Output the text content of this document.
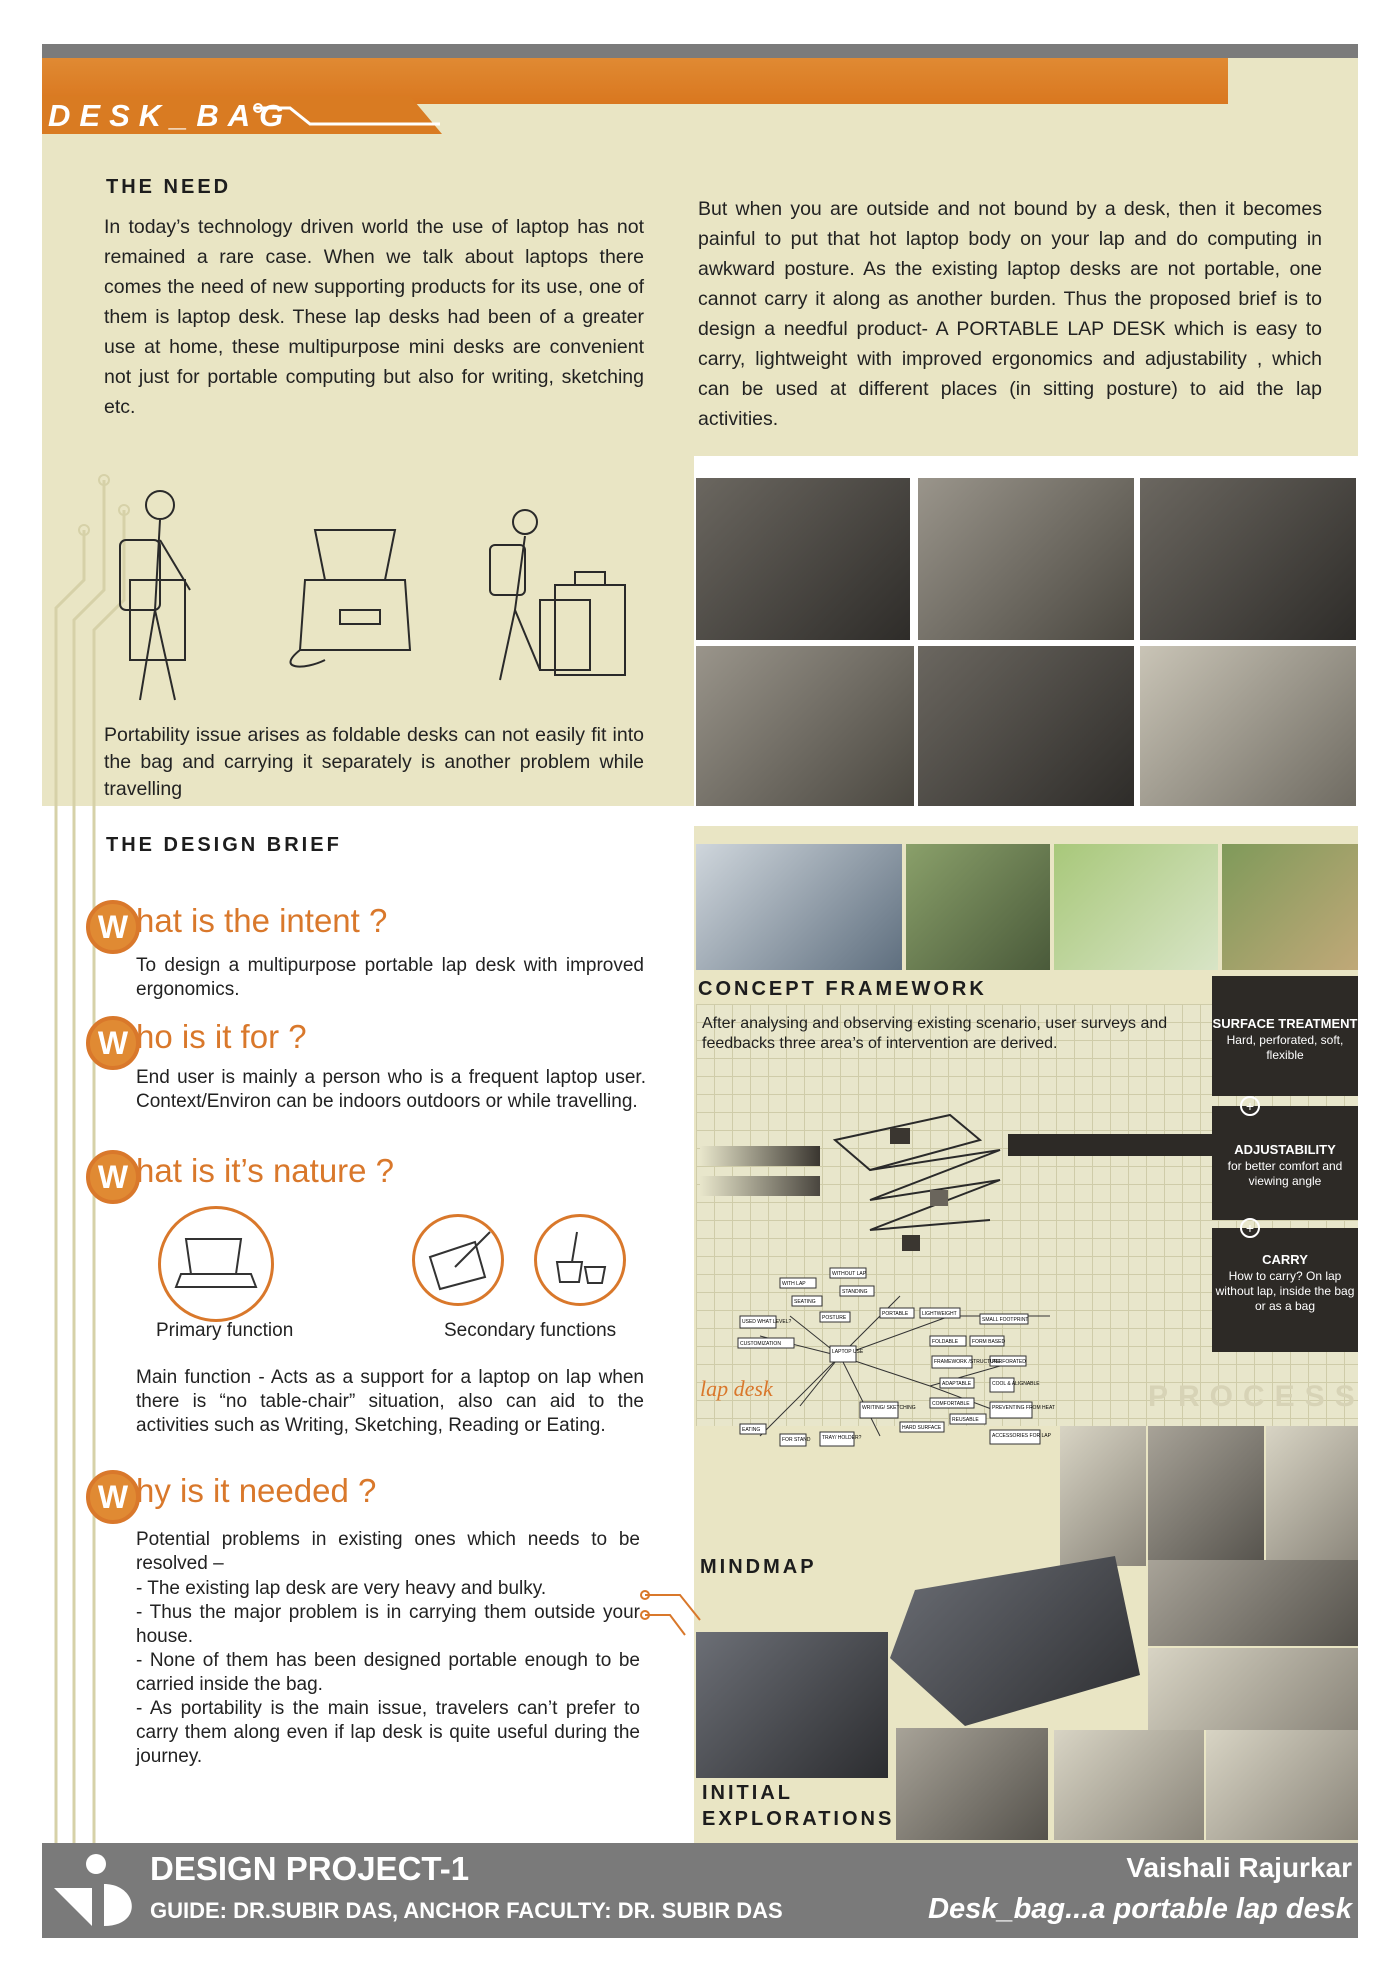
DESK_BAG
THE NEED
In today’s technology driven world the use of laptop has not remained a rare case. When we talk about laptops there comes the need of new supporting products for its use, one of them is laptop desk. These lap desks had been of a greater use at home, these multipurpose mini desks are convenient not just for portable computing but also for writing, sketching etc.
But when you are outside and not bound by a desk, then it becomes painful to put that hot laptop body on your lap and do computing in awkward posture. As the existing laptop desks are not portable, one cannot carry it along as another burden. Thus the proposed brief is to design a needful product- A PORTABLE LAP DESK which is easy to carry, lightweight with improved ergonomics and adjustability , which can be used at different places (in sitting posture) to aid the lap activities.
Portability issue arises as foldable desks can not easily fit into the bag and carrying it separately is another problem while travelling
THE DESIGN BRIEF
W hat is the intent ?
To design a multipurpose portable lap desk with improved ergonomics.
W ho is it for ?
End user is mainly a person who is a frequent laptop user. Context/Environ can be indoors outdoors or while travelling.
W hat is it’s nature ?
Primary function	Secondary functions
Main function - Acts as a support for a laptop on lap when there is “no table-chair” situation, also can aid to the activities such as Writing, Sketching, Reading or Eating.
W hy is it needed ?
Potential problems in existing ones which needs to be resolved –
- The existing lap desk are very heavy and bulky.
- Thus the major problem is in carrying them outside your house.
- None of them has been designed portable enough to be carried inside the bag.
- As portability is the main issue, travelers can’t prefer to carry them along even if lap desk is quite useful during the journey.
CONCEPT FRAMEWORK
After analysing and observing existing scenario, user surveys and feedbacks three area’s of intervention are derived.
SURFACE TREATMENT
Hard, perforated, soft, flexible
ADJUSTABILITY
for better comfort and viewing angle
CARRY
How to carry? On lap without lap, inside the bag or as a bag
+
+
PROCESS
lap desk
WITH LAP
WITHOUT LAP
STANDING
SEATING
POSTURE
PORTABLE	LIGHTWEIGHT
SMALL FOOTPRINT
USED WHAT LEVEL?
CUSTOMIZATION
LAPTOP USE
FOLDABLE	FORM BASED
FRAMEWORK /STRUCTURE
PERFORATED
ADAPTABLE	COOL & ALIGNABLE
COMFORTABLE
WRITING/ SKETCHING
REUSABLE
PREVENTING FROM HEAT
EATING	HARD SURFACE
FOR STAND TRAY/ HOLDER?	ACCESSORIES FOR LAP
MINDMAP
INITIAL
EXPLORATIONS
DESIGN PROJECT-1
GUIDE: DR.SUBIR DAS, ANCHOR FACULTY: DR. SUBIR DAS
Vaishali Rajurkar
Desk_bag...a portable lap desk
